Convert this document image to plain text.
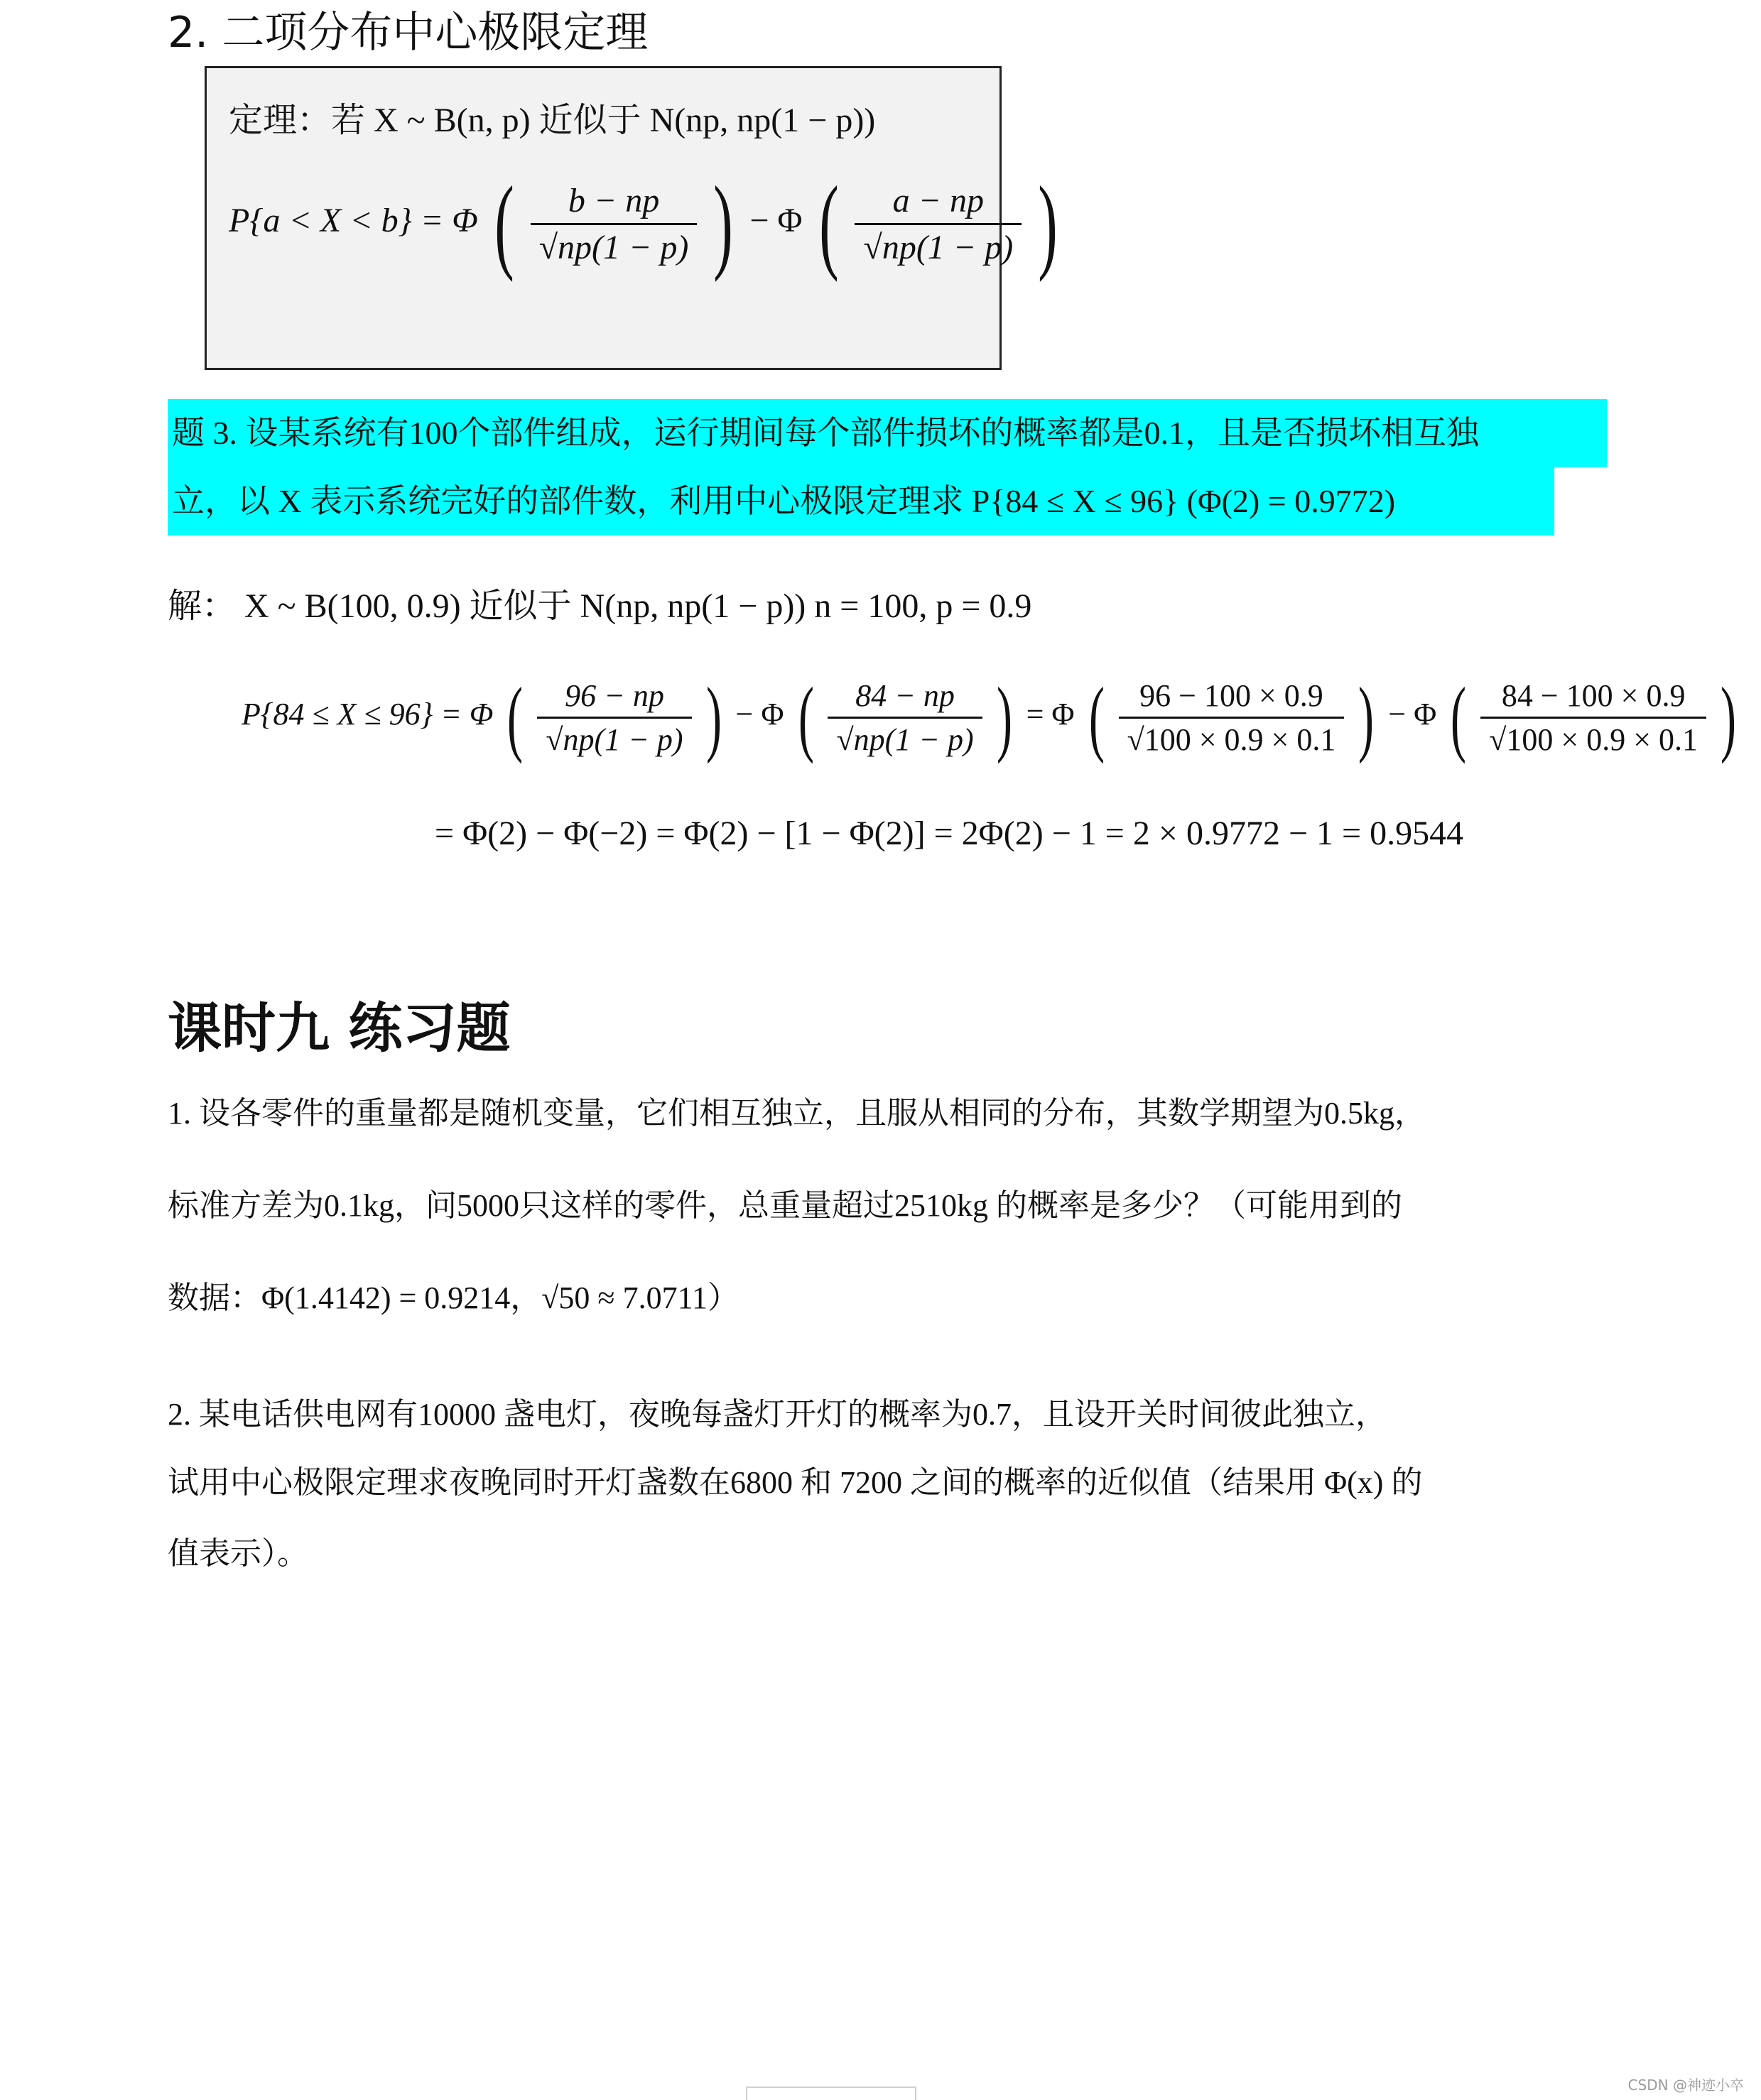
2. 二项分布中心极限定理
定理：若 X ~ B(n, p) 近似于 N(np, np(1 − p))
P{a < X < b} = Φ ( $\frac{b - np}{√np(1 - p)}$ ) − Φ ( $\frac{a - np}{√np(1 - p)}$ )
题 3. 设某系统有100个部件组成，运行期间每个部件损坏的概率都是0.1，且是否损坏相互独
立，以 X 表示系统完好的部件数，利用中心极限定理求 P{84 ≤ X ≤ 96} (Φ(2) = 0.9772)
解： X ~ B(100, 0.9) 近似于 N(np, np(1 − p)) n = 100, p = 0.9
P{84 ≤ X ≤ 96} = Φ ( $\frac{96 - np}{√np(1 - p)}$ ) − Φ ( $\frac{84 - np}{√np(1 - p)}$ ) = Φ ( $\frac{96 - 100 \times 0.9}{√100 \times 0.9 \times 0.1}$ ) − Φ ( $\frac{84 - 100 \times 0.9}{√100 \times 0.9 \times 0.1}$ )
= Φ(2) − Φ(−2) = Φ(2) − [1 − Φ(2)] = 2Φ(2) − 1 = 2 × 0.9772 − 1 = 0.9544
课时九 练习题
1. 设各零件的重量都是随机变量，它们相互独立，且服从相同的分布，其数学期望为0.5kg，
标准方差为0.1kg，问5000只这样的零件，总重量超过2510kg 的概率是多少？（可能用到的
数据：Φ(1.4142) = 0.9214，√50 ≈ 7.0711）
2. 某电话供电网有10000 盏电灯，夜晚每盏灯开灯的概率为0.7，且设开关时间彼此独立，
试用中心极限定理求夜晚同时开灯盏数在6800 和 7200 之间的概率的近似值（结果用 Φ(x) 的
值表示）。
CSDN @神迹小卒
